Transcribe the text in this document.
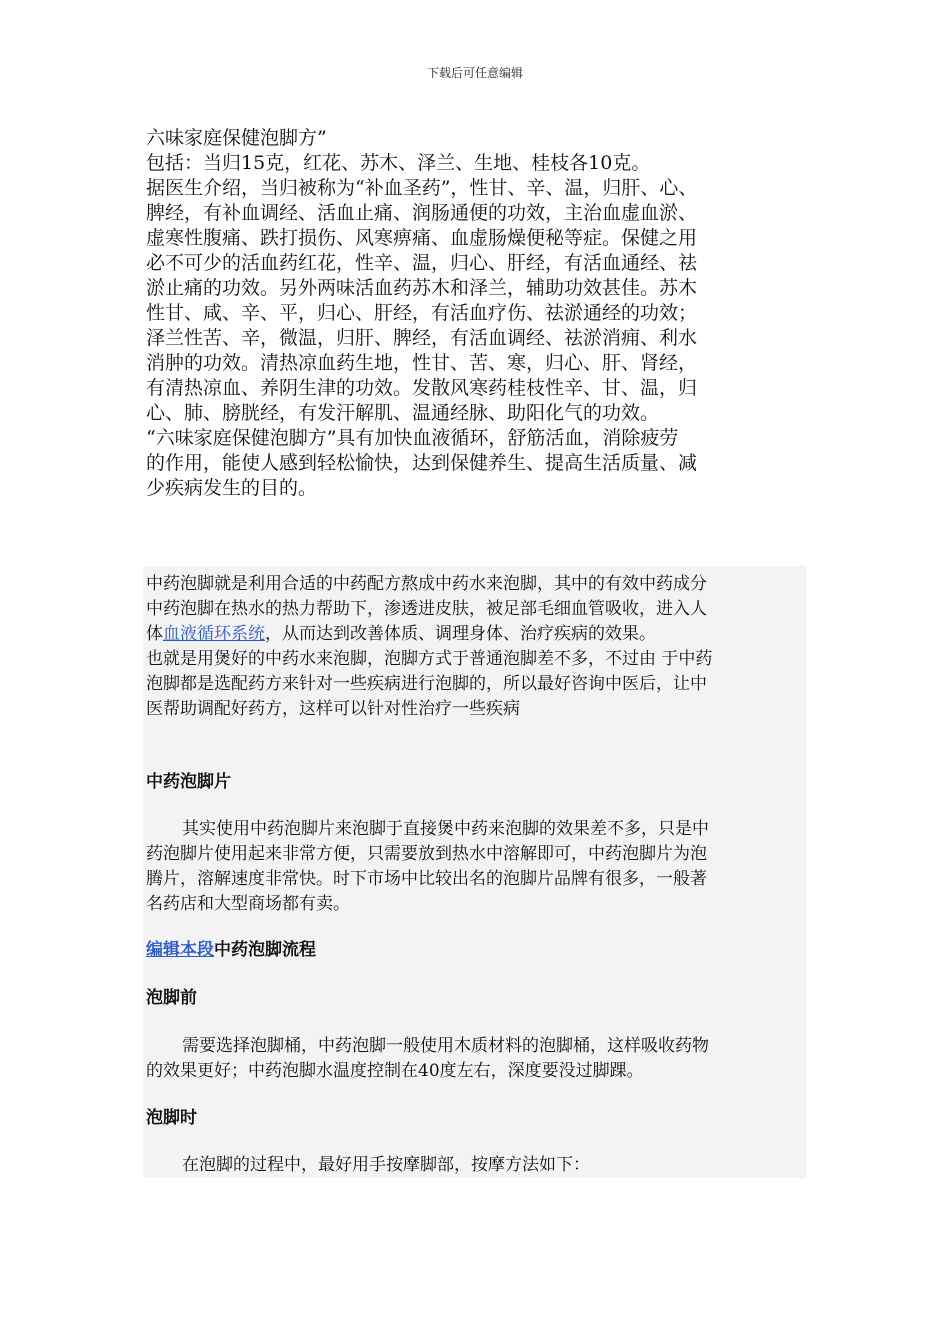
下载后可任意编辑

六味家庭保健泡脚方”

包括：当归15克，红花、苏木、泽兰、生地、桂枝各10克。

据医生介绍，当归被称为“补血圣药”，性甘、辛、温，归肝、心、

脾经，有补血调经、活血止痛、润肠通便的功效，主治血虚血淤、

虚寒性腹痛、跌打损伤、风寒痹痛、血虚肠燥便秘等症。保健之用

必不可少的活血药红花，性辛、温，归心、肝经，有活血通经、祛

淤止痛的功效。另外两味活血药苏木和泽兰，辅助功效甚佳。苏木

性甘、咸、辛、平，归心、肝经，有活血疗伤、祛淤通经的功效；

泽兰性苦、辛，微温，归肝、脾经，有活血调经、祛淤消痈、利水

消肿的功效。清热凉血药生地，性甘、苦、寒，归心、肝、肾经，

有清热凉血、养阴生津的功效。发散风寒药桂枝性辛、甘、温，归

心、肺、膀胱经，有发汗解肌、温通经脉、助阳化气的功效。

“六味家庭保健泡脚方”具有加快血液循环，舒筋活血，消除疲劳

的作用，能使人感到轻松愉快，达到保健养生、提高生活质量、减

少疾病发生的目的。

中药泡脚就是利用合适的中药配方熬成中药水来泡脚，其中的有效中药成分

中药泡脚在热水的热力帮助下，渗透进皮肤，被足部毛细血管吸收，进入人

体血液循环系统，从而达到改善体质、调理身体、治疗疾病的效果。

也就是用煲好的中药水来泡脚，泡脚方式于普通泡脚差不多，不过由 于中药

泡脚都是选配药方来针对一些疾病进行泡脚的，所以最好咨询中医后，让中

医帮助调配好药方，这样可以针对性治疗一些疾病

中药泡脚片

其实使用中药泡脚片来泡脚于直接煲中药来泡脚的效果差不多，只是中

药泡脚片使用起来非常方便，只需要放到热水中溶解即可，中药泡脚片为泡

腾片，溶解速度非常快。时下市场中比较出名的泡脚片品牌有很多，一般著

名药店和大型商场都有卖。

编辑本段中药泡脚流程
泡脚前

需要选择泡脚桶，中药泡脚一般使用木质材料的泡脚桶，这样吸收药物

的效果更好；中药泡脚水温度控制在40度左右，深度要没过脚踝。

泡脚时

在泡脚的过程中，最好用手按摩脚部，按摩方法如下：
